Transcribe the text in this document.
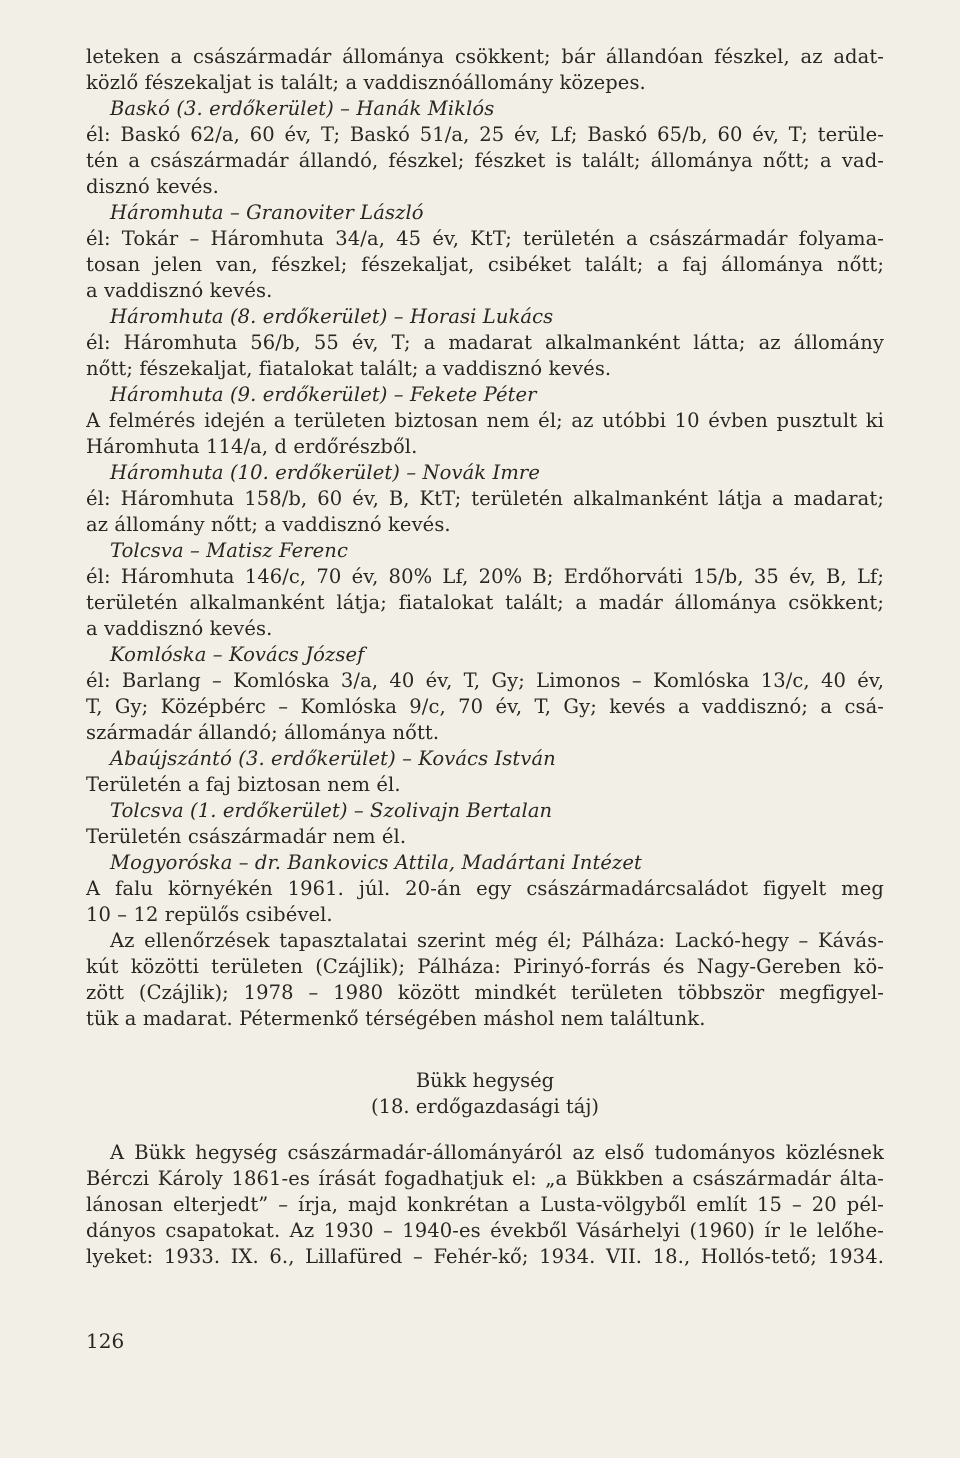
leteken a császármadár állománya csökkent; bár állandóan fészkel, az adat-
közlő fészekaljat is talált; a vaddisznóállomány közepes.
Baskó (3. erdőkerület) – Hanák Miklós
él: Baskó 62/a, 60 év, T; Baskó 51/a, 25 év, Lf; Baskó 65/b, 60 év, T; terüle-
tén a császármadár állandó, fészkel; fészket is talált; állománya nőtt; a vad-
disznó kevés.
Háromhuta – Granoviter László
él: Tokár – Háromhuta 34/a, 45 év, KtT; területén a császármadár folyama-
tosan jelen van, fészkel; fészekaljat, csibéket talált; a faj állománya nőtt;
a vaddisznó kevés.
Háromhuta (8. erdőkerület) – Horasi Lukács
él: Háromhuta 56/b, 55 év, T; a madarat alkalmanként látta; az állomány
nőtt; fészekaljat, fiatalokat talált; a vaddisznó kevés.
Háromhuta (9. erdőkerület) – Fekete Péter
A felmérés idején a területen biztosan nem él; az utóbbi 10 évben pusztult ki
Háromhuta 114/a, d erdőrészből.
Háromhuta (10. erdőkerület) – Novák Imre
él: Háromhuta 158/b, 60 év, B, KtT; területén alkalmanként látja a madarat;
az állomány nőtt; a vaddisznó kevés.
Tolcsva – Matisz Ferenc
él: Háromhuta 146/c, 70 év, 80% Lf, 20% B; Erdőhorváti 15/b, 35 év, B, Lf;
területén alkalmanként látja; fiatalokat talált; a madár állománya csökkent;
a vaddisznó kevés.
Komlóska – Kovács József
él: Barlang – Komlóska 3/a, 40 év, T, Gy; Limonos – Komlóska 13/c, 40 év,
T, Gy; Középbérc – Komlóska 9/c, 70 év, T, Gy; kevés a vaddisznó; a csá-
szármadár állandó; állománya nőtt.
Abaújszántó (3. erdőkerület) – Kovács István
Területén a faj biztosan nem él.
Tolcsva (1. erdőkerület) – Szolivajn Bertalan
Területén császármadár nem él.
Mogyoróska – dr. Bankovics Attila, Madártani Intézet
A falu környékén 1961. júl. 20-án egy császármadárcsaládot figyelt meg
10 – 12 repülős csibével.
Az ellenőrzések tapasztalatai szerint még él; Pálháza: Lackó-hegy – Kávás-
kút közötti területen (Czájlik); Pálháza: Pirinyó-forrás és Nagy-Gereben kö-
zött (Czájlik); 1978 – 1980 között mindkét területen többször megfigyel-
tük a madarat. Pétermenkő térségében máshol nem találtunk.
Bükk hegység
(18. erdőgazdasági táj)
A Bükk hegység császármadár-állományáról az első tudományos közlésnek
Bérczi Károly 1861-es írását fogadhatjuk el: „a Bükkben a császármadár álta-
lánosan elterjedt” – írja, majd konkrétan a Lusta-völgyből említ 15 – 20 pél-
dányos csapatokat. Az 1930 – 1940-es évekből Vásárhelyi (1960) ír le lelőhe-
lyeket: 1933. IX. 6., Lillafüred – Fehér-kő; 1934. VII. 18., Hollós-tető; 1934.
126
